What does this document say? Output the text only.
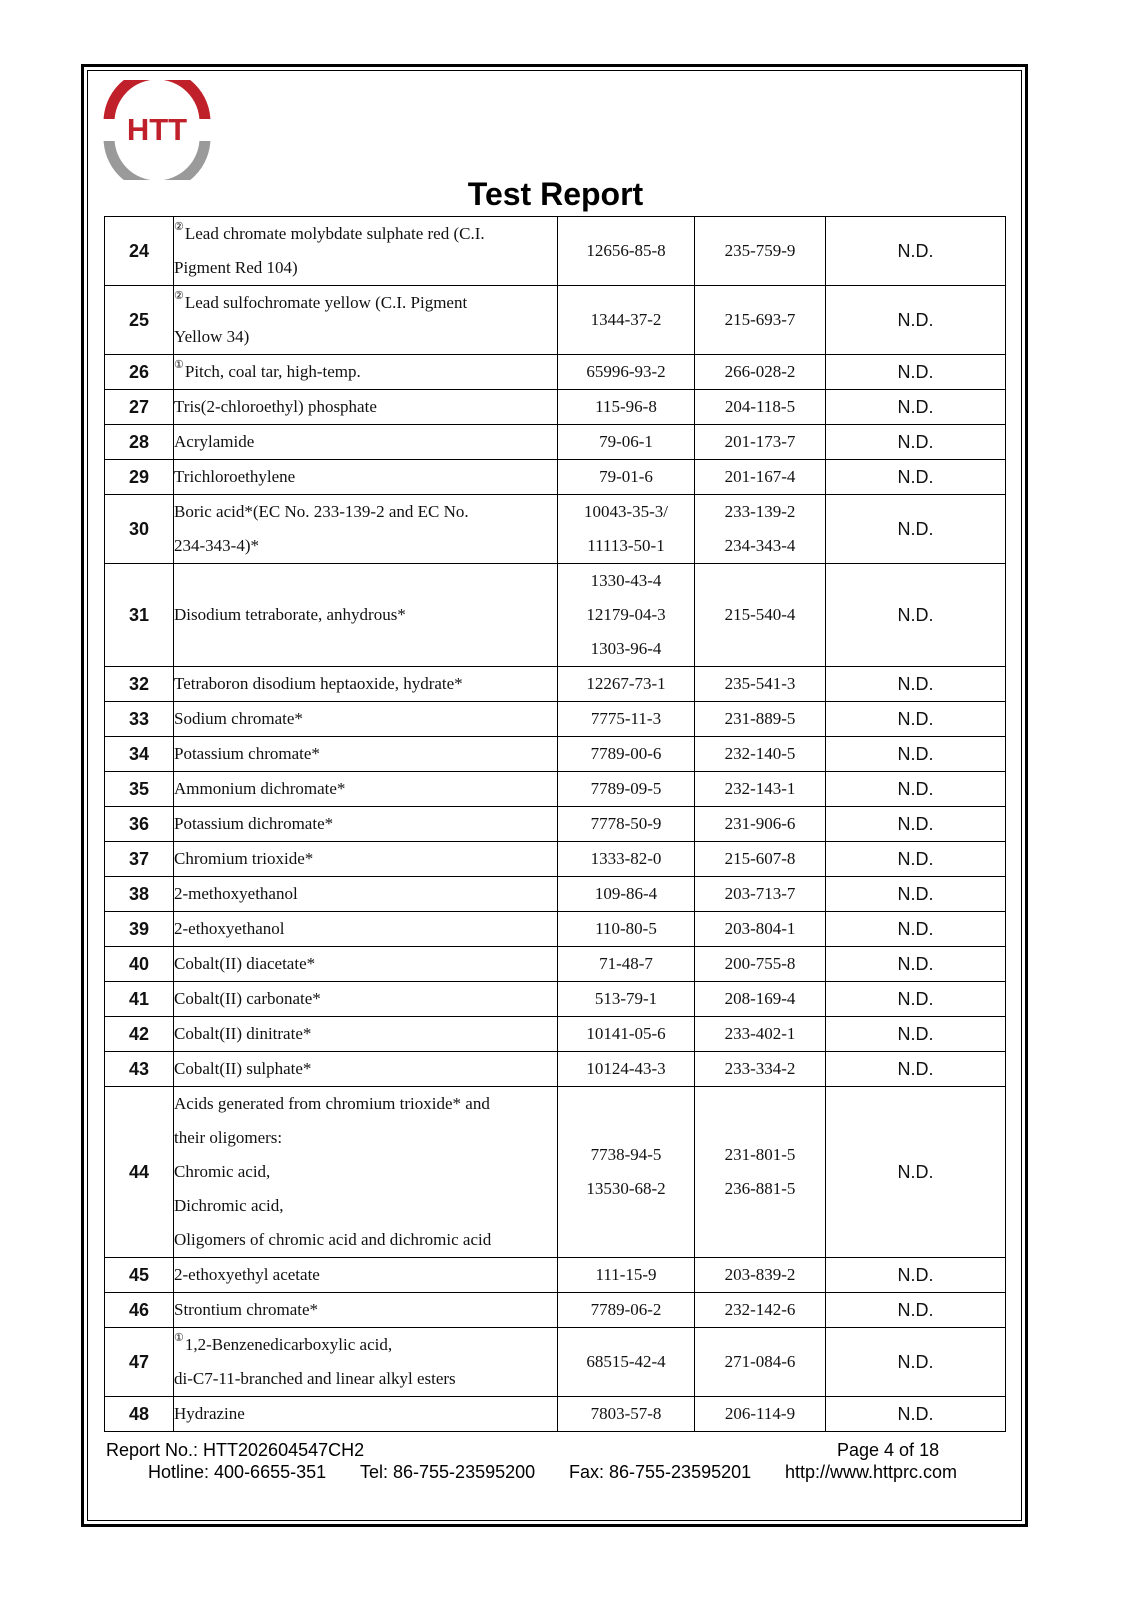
HTT
Test Report
24	②Lead chromate molybdate sulphate red (C.I.
Pigment Red 104)	12656-85-8	235-759-9	N.D.
25	②Lead sulfochromate yellow (C.I. Pigment
Yellow 34)	1344-37-2	215-693-7	N.D.
26	①Pitch, coal tar, high-temp.	65996-93-2	266-028-2	N.D.
27	Tris(2-chloroethyl) phosphate	115-96-8	204-118-5	N.D.
28	Acrylamide	79-06-1	201-173-7	N.D.
29	Trichloroethylene	79-01-6	201-167-4	N.D.
30	Boric acid*(EC No. 233-139-2 and EC No.
234-343-4)*	10043-35-3/
11113-50-1	233-139-2
234-343-4	N.D.
31	Disodium tetraborate, anhydrous*	1330-43-4
12179-04-3
1303-96-4	215-540-4	N.D.
32	Tetraboron disodium heptaoxide, hydrate*	12267-73-1	235-541-3	N.D.
33	Sodium chromate*	7775-11-3	231-889-5	N.D.
34	Potassium chromate*	7789-00-6	232-140-5	N.D.
35	Ammonium dichromate*	7789-09-5	232-143-1	N.D.
36	Potassium dichromate*	7778-50-9	231-906-6	N.D.
37	Chromium trioxide*	1333-82-0	215-607-8	N.D.
38	2-methoxyethanol	109-86-4	203-713-7	N.D.
39	2-ethoxyethanol	110-80-5	203-804-1	N.D.
40	Cobalt(II) diacetate*	71-48-7	200-755-8	N.D.
41	Cobalt(II) carbonate*	513-79-1	208-169-4	N.D.
42	Cobalt(II) dinitrate*	10141-05-6	233-402-1	N.D.
43	Cobalt(II) sulphate*	10124-43-3	233-334-2	N.D.
44	Acids generated from chromium trioxide* and
their oligomers:
Chromic acid,
Dichromic acid,
Oligomers of chromic acid and dichromic acid	7738-94-5
13530-68-2	231-801-5
236-881-5	N.D.
45	2-ethoxyethyl acetate	111-15-9	203-839-2	N.D.
46	Strontium chromate*	7789-06-2	232-142-6	N.D.
47	①1,2-Benzenedicarboxylic acid,
di-C7-11-branched and linear alkyl esters	68515-42-4	271-084-6	N.D.
48	Hydrazine	7803-57-8	206-114-9	N.D.
Report No.: HTT202604547CH2	Page 4 of 18
Hotline: 400-6655-351 Tel: 86-755-23595200 Fax: 86-755-23595201 http://www.httprc.com
